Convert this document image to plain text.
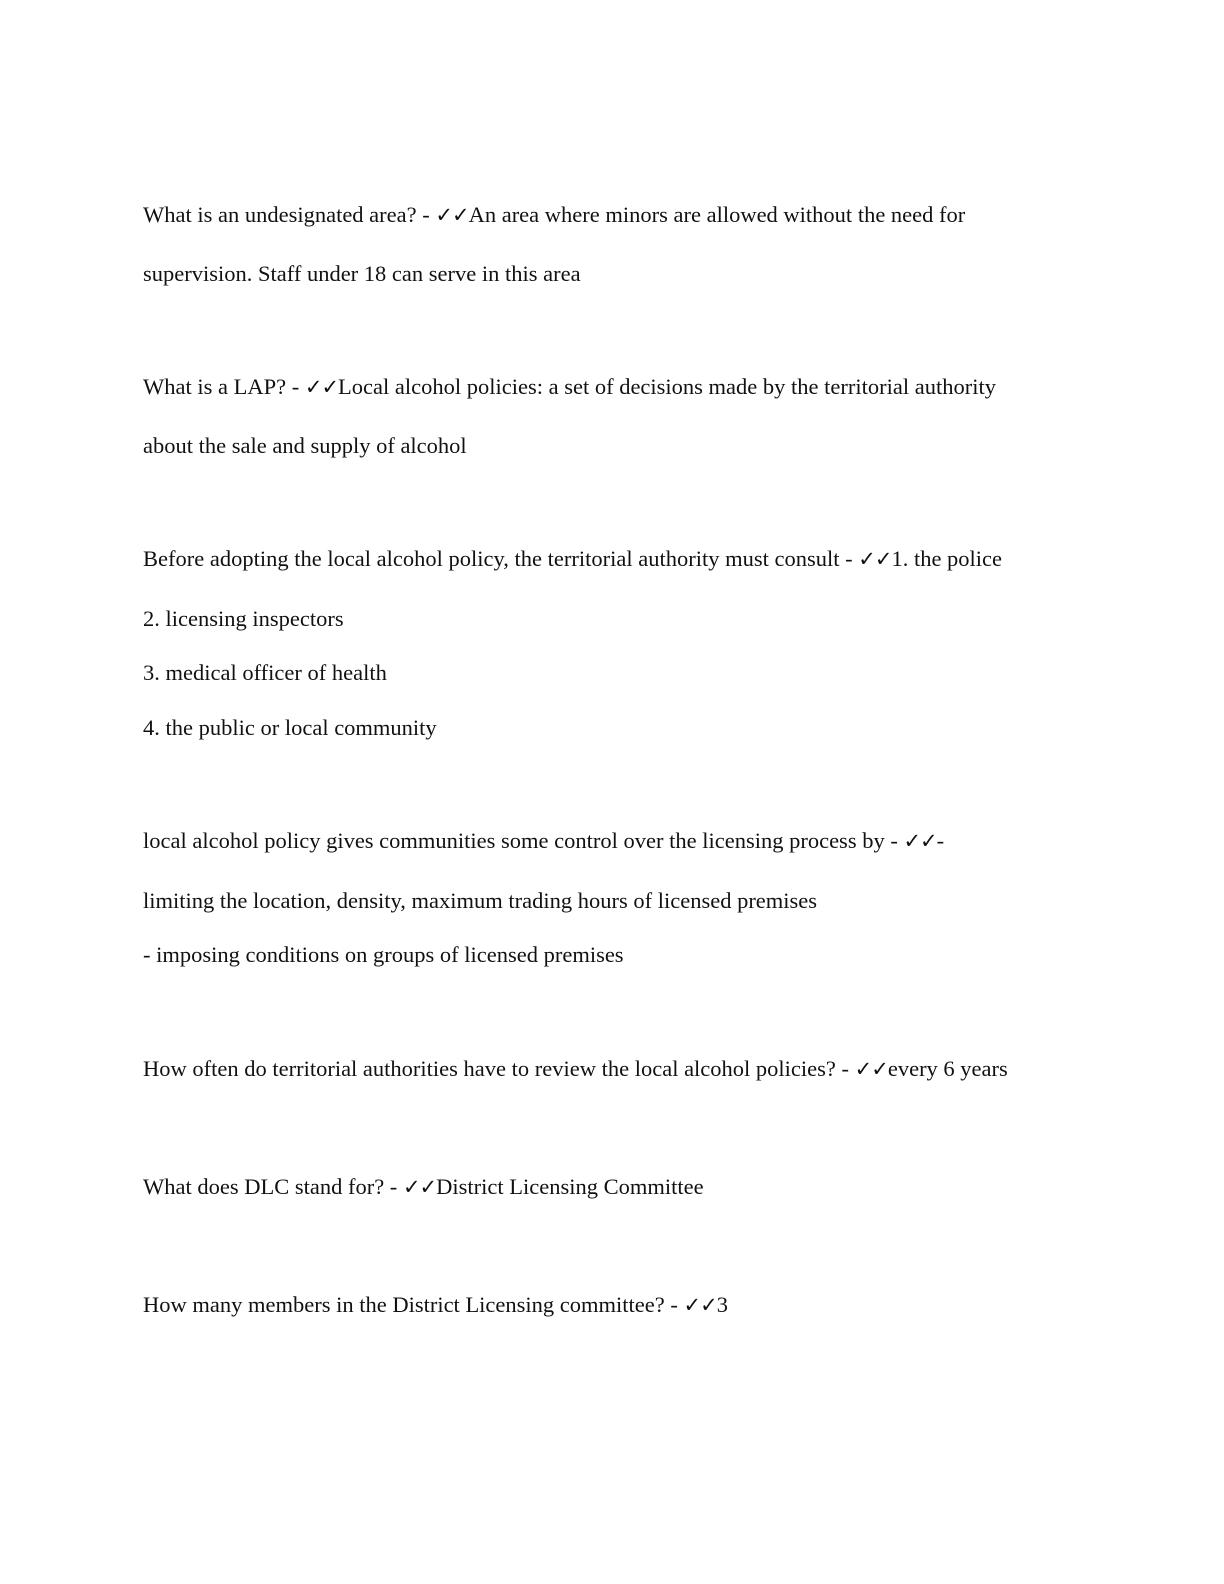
What is an undesignated area? - ✓✓An area where minors are allowed without the need for
supervision. Staff under 18 can serve in this area
What is a LAP? - ✓✓Local alcohol policies: a set of decisions made by the territorial authority
about the sale and supply of alcohol
Before adopting the local alcohol policy, the territorial authority must consult - ✓✓1. the police
2. licensing inspectors
3. medical officer of health
4. the public or local community
local alcohol policy gives communities some control over the licensing process by - ✓✓-
limiting the location, density, maximum trading hours of licensed premises
- imposing conditions on groups of licensed premises
How often do territorial authorities have to review the local alcohol policies? - ✓✓every 6 years
What does DLC stand for? - ✓✓District Licensing Committee
How many members in the District Licensing committee? - ✓✓3
